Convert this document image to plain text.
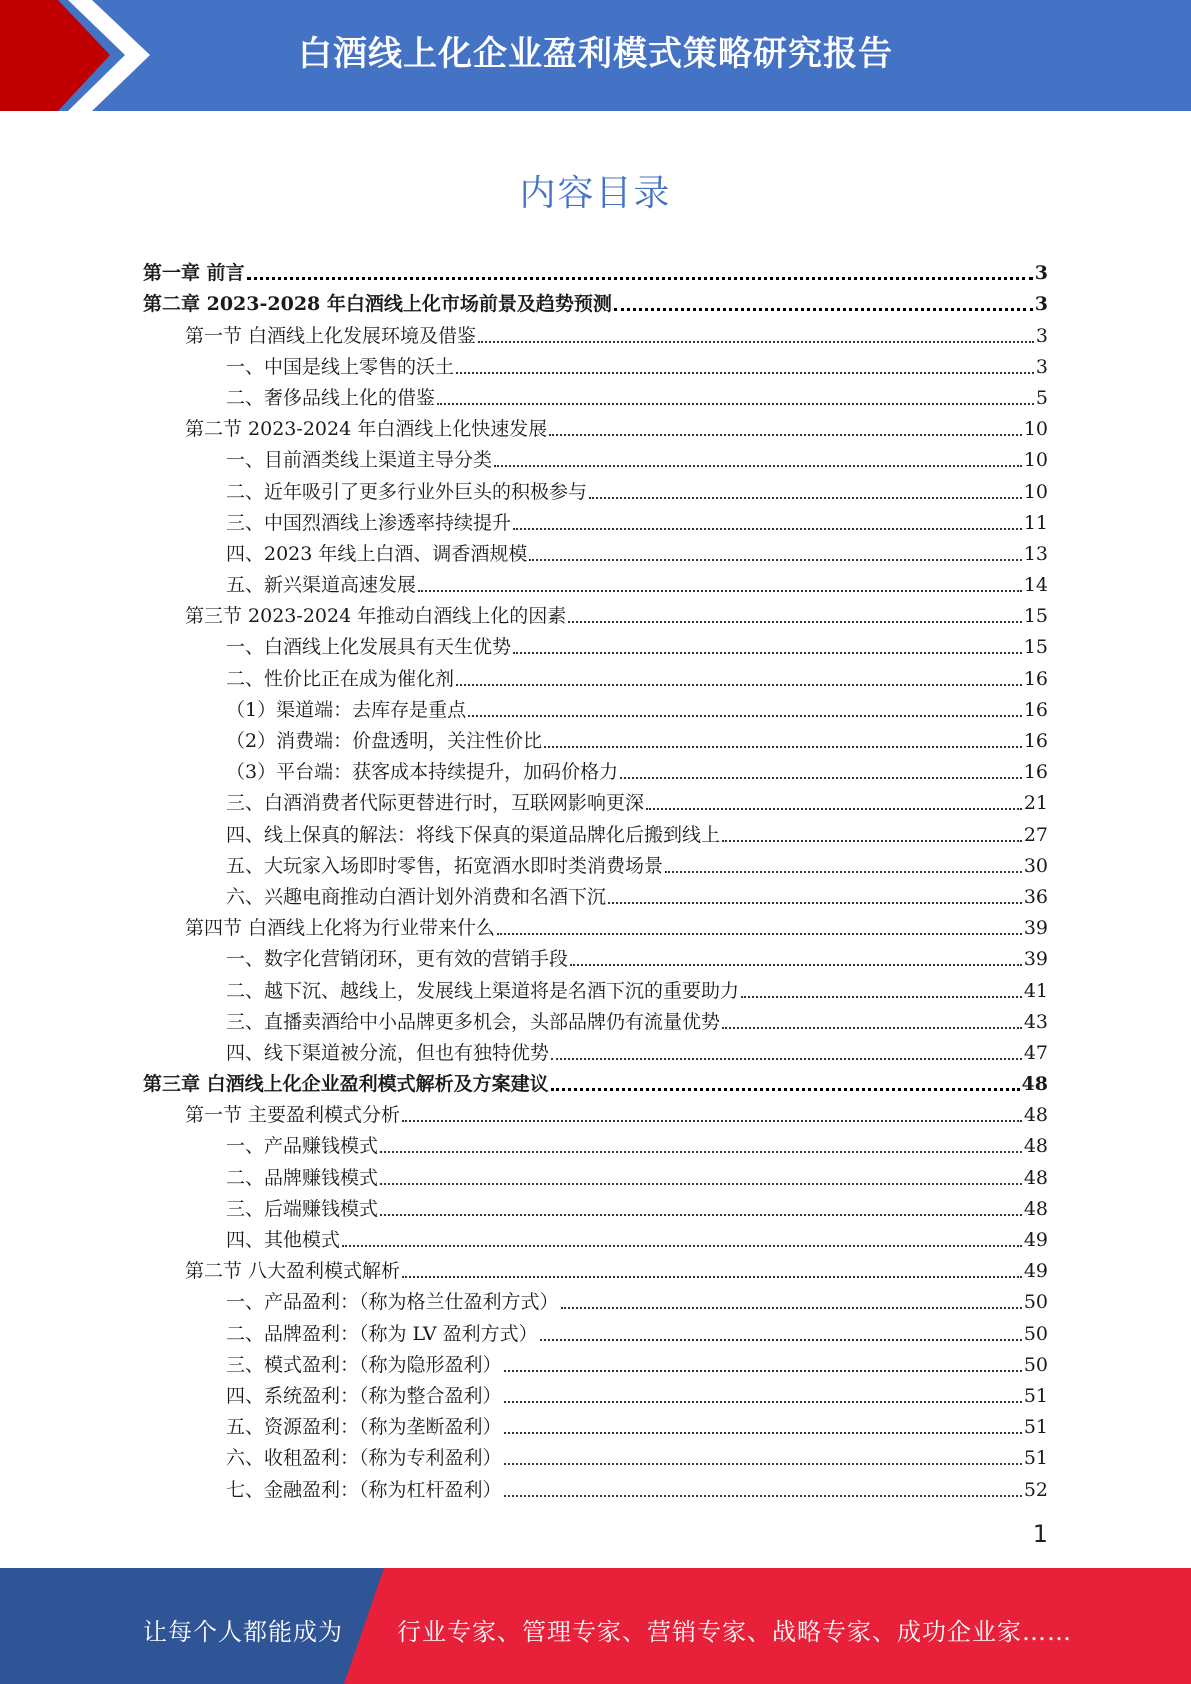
白酒线上化企业盈利模式策略研究报告
内容目录
第一章 前言	3
第二章 2023-2028 年白酒线上化市场前景及趋势预测	3
第一节 白酒线上化发展环境及借鉴	3
一、中国是线上零售的沃土	3
二、奢侈品线上化的借鉴	5
第二节 2023-2024 年白酒线上化快速发展	10
一、目前酒类线上渠道主导分类	10
二、近年吸引了更多行业外巨头的积极参与	10
三、中国烈酒线上渗透率持续提升	11
四、2023 年线上白酒、调香酒规模	13
五、新兴渠道高速发展	14
第三节 2023-2024 年推动白酒线上化的因素	15
一、白酒线上化发展具有天生优势	15
二、性价比正在成为催化剂	16
（1）渠道端：去库存是重点	16
（2）消费端：价盘透明，关注性价比	16
（3）平台端：获客成本持续提升，加码价格力	16
三、白酒消费者代际更替进行时，互联网影响更深	21
四、线上保真的解法：将线下保真的渠道品牌化后搬到线上	27
五、大玩家入场即时零售，拓宽酒水即时类消费场景	30
六、兴趣电商推动白酒计划外消费和名酒下沉	36
第四节 白酒线上化将为行业带来什么	39
一、数字化营销闭环，更有效的营销手段	39
二、越下沉、越线上，发展线上渠道将是名酒下沉的重要助力	41
三、直播卖酒给中小品牌更多机会，头部品牌仍有流量优势	43
四、线下渠道被分流，但也有独特优势	47
第三章 白酒线上化企业盈利模式解析及方案建议	48
第一节 主要盈利模式分析	48
一、产品赚钱模式	48
二、品牌赚钱模式	48
三、后端赚钱模式	48
四、其他模式	49
第二节 八大盈利模式解析	49
一、产品盈利：（称为格兰仕盈利方式）	50
二、品牌盈利：（称为 LV 盈利方式）	50
三、模式盈利：（称为隐形盈利）	50
四、系统盈利：（称为整合盈利）	51
五、资源盈利：（称为垄断盈利）	51
六、收租盈利：（称为专利盈利）	51
七、金融盈利：（称为杠杆盈利）	52
1
让每个人都能成为 行业专家、管理专家、营销专家、战略专家、成功企业家……
